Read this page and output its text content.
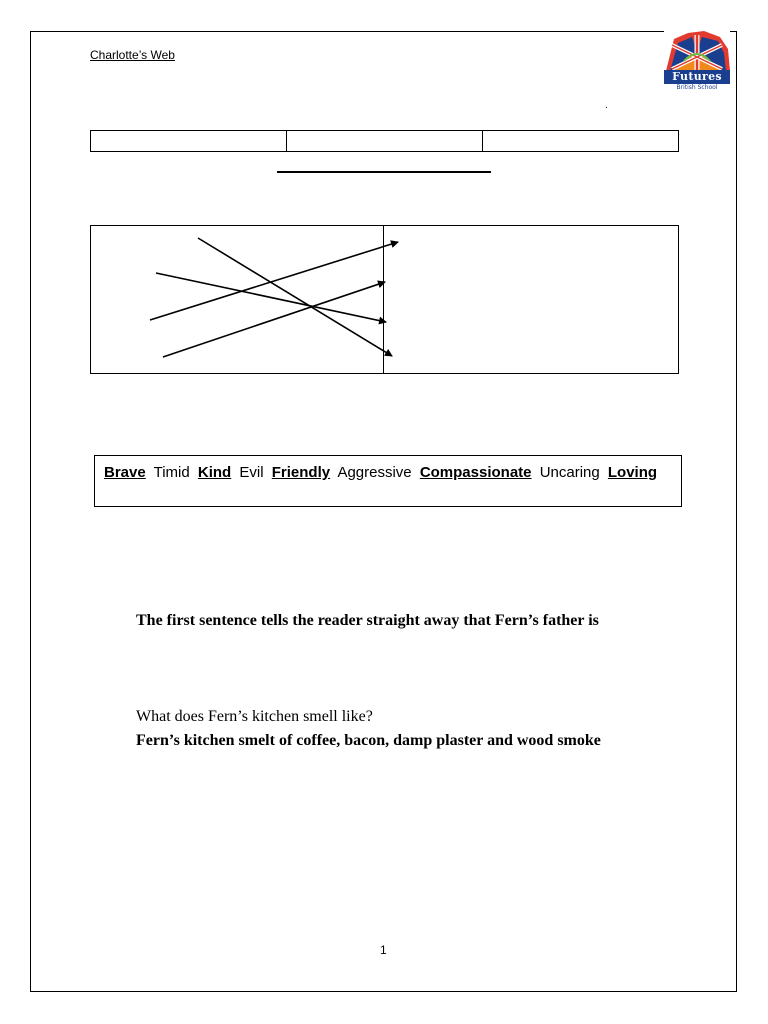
Charlotte’s Web
Futures
British School
.

Brave Timid Kind Evil Friendly Aggressive Compassionate Uncaring Loving
The first sentence tells the reader straight away that Fern’s father is
What does Fern’s kitchen smell like?
Fern’s kitchen smelt of coffee, bacon, damp plaster and wood smoke
1
